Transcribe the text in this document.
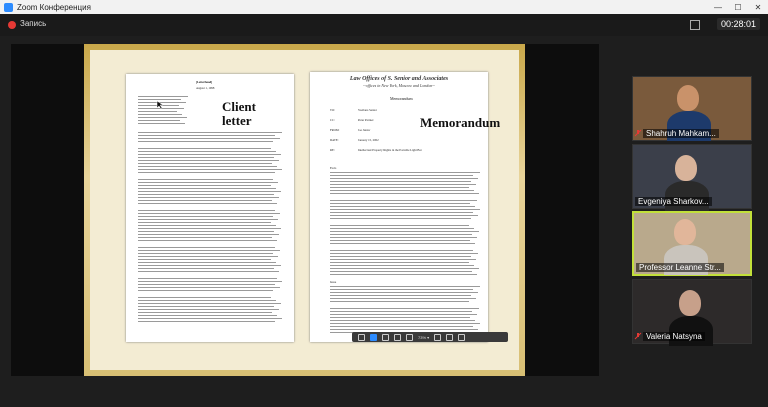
Zoom Конференция	—	☐	✕
Запись	00:28:01
[Letterhead]
August 1, 1998
Client letter
Law Offices of S. Senior and Associates
--offices in New York, Moscow and London--
Memorandum
Memorandum
TO:	Svetlana Senior
CC:	Peter Partner
FROM:	Joe Junior
DATE:	January 15, 2002
RE:	Intellectual Property Rights in the Portable Light Bar
Facts
Issue
73% ▾
Shahruh Mahkam...
Evgeniya Sharkov...
Professor Leanne Str...
Valeria Natsyna
